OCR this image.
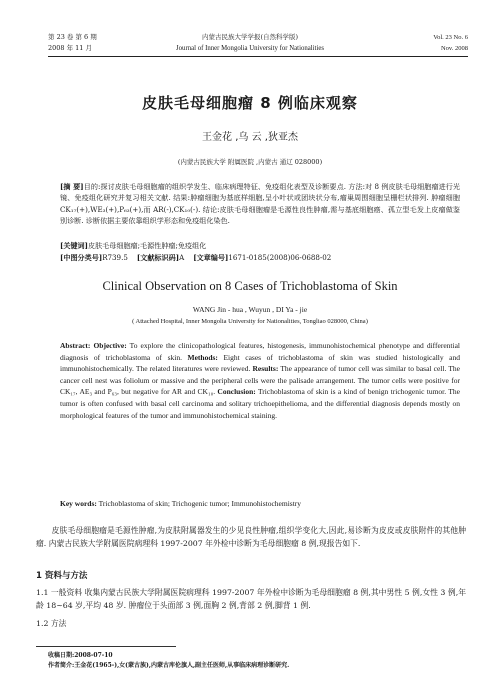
第 23 卷 第 6 期
2008 年 11 月
内蒙古民族大学学报(自然科学版)
Journal of Inner Mongolia University for Nationalities
Vol. 23 No. 6
Nov. 2008
皮肤毛母细胞瘤 8 例临床观察
王金花 ,乌 云 ,狄亚杰
(内蒙古民族大学 附属医院 ,内蒙古 通辽 028000)
[摘 要]目的:探讨皮肤毛母细胞瘤的组织学发生、临床病理特征、免疫组化表型及诊断要点. 方法:对 8 例皮肤毛母细胞瘤进行光镜、免疫组化研究并复习相关文献. 结果:肿瘤细胞为基底样细胞,呈小叶状或团块状分布,瘤巢周围细胞呈栅栏状排列. 肿瘤细胞 CK₁₇(+),WE₃(+),P₆₃(+),而 AR(-),CK₁₀(-). 结论:皮肤毛母细胞瘤是毛源性良性肿瘤,需与基底细胞癌、孤立型毛发上皮瘤做鉴别诊断. 诊断依据主要依靠组织学形态和免疫组化染色.
[关键词]皮肤毛母细胞瘤;毛源性肿瘤;免疫组化
[中图分类号]R739.5 [文献标识码]A [文章编号]1671-0185(2008)06-0688-02
Clinical Observation on 8 Cases of Trichoblastoma of Skin
WANG Jin - hua , Wuyun , DI Ya - jie
( Attached Hospital, Inner Mongolia University for Nationalities, Tongliao 028000, China)
Abstract: Objective: To explore the clinicopathological features, histogenesis, immunohistochemical phenotype and differential diagnosis of trichoblastoma of skin. Methods: Eight cases of trichoblastoma of skin was studied histologically and immunohistochemically. The related literatures were reviewed. Results: The appearance of tumor cell was similar to basal cell. The cancer cell nest was foliolum or massive and the peripheral cells were the palisade arrangement. The tumor cells were positive for CK₁₇, AE₃ and P₆₃, but negative for AR and CK₁₀. Conclusion: Trichoblastoma of skin is a kind of benign trichogenic tumor. The tumor is often confused with basal cell carcinoma and solitary trichoepithelioma, and the differential diagnosis depends mostly on morphological features of the tumor and immunohistochemical staining.
Key words: Trichoblastoma of skin; Trichogenic tumor; Immunohistochemistry
皮肤毛母细胞瘤是毛源性肿瘤,为皮肤附属器发生的少见良性肿瘤,组织学变化大,因此,易诊断为皮皮或皮肤附件的其他肿瘤. 内蒙古民族大学附属医院病理科 1997-2007 年外检中诊断为毛母细胞瘤 8 例,现报告如下.
1 资料与方法
1.1 一般资料 收集内蒙古民族大学附属医院病理科 1997-2007 年外检中诊断为毛母细胞瘤 8 例,其中男性 5 例,女性 3 例,年龄 18~64 岁,平均 48 岁. 肿瘤位于头面部 3 例,面胸 2 例,背部 2 例,脚背 1 例.
1.2 方法
收稿日期:2008-07-10
作者简介:王金花(1965-),女(蒙古族),内蒙古库伦旗人,副主任医师,从事临床病理诊断研究.
